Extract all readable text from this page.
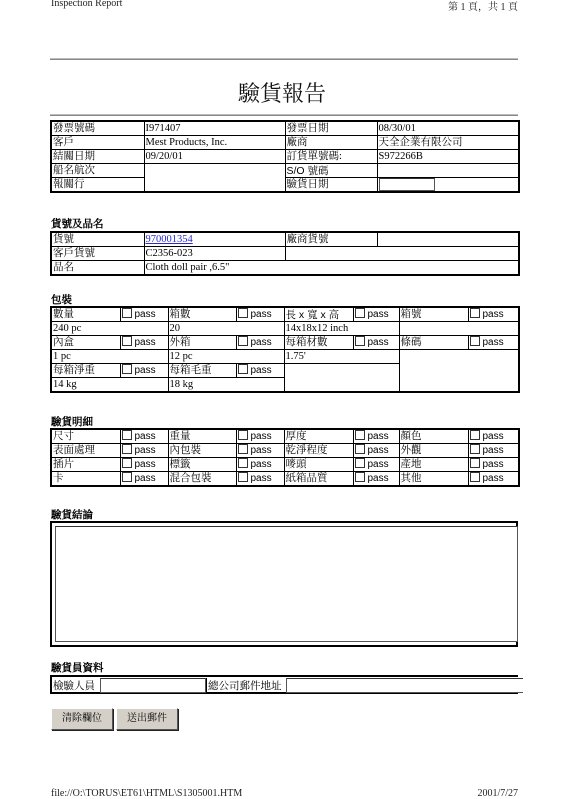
Inspection Report	第 1 頁，共 1 頁
驗貨報告
發票號碼	I971407	發票日期	08/30/01
客戶	Mest Products, Inc.	廠商	天全企業有限公司
結關日期	09/20/01	訂貨單號碼:	S972266B
船名航次		S/O 號碼	
報關行		驗貨日期	
貨號及品名
貨號	970001354	廠商貨號	
客戶貨號	C2356-023		
品名	Cloth doll pair ,6.5"		
包裝
數量	pass	箱數	pass	長 x 寬 x 高	pass	箱號	pass
240 pc		20		14x18x12 inch			
內盒	pass	外箱	pass	每箱材數	pass	條碼	pass
1 pc		12 pc		1.75'			
每箱淨重	pass	每箱毛重	pass				
14 kg		18 kg					
驗貨明細
尺寸	pass	重量	pass	厚度	pass	顏色	pass
表面處理	pass	內包裝	pass	乾淨程度	pass	外觀	pass
插片	pass	標籤	pass	嘜頭	pass	產地	pass
卡	pass	混合包裝	pass	紙箱品質	pass	其他	pass
驗貨結論
驗貨員資料
檢驗人員	總公司郵件地址
清除欄位	送出郵件
file://O:\TORUS\ET61\HTML\S1305001.HTM	2001/7/27
